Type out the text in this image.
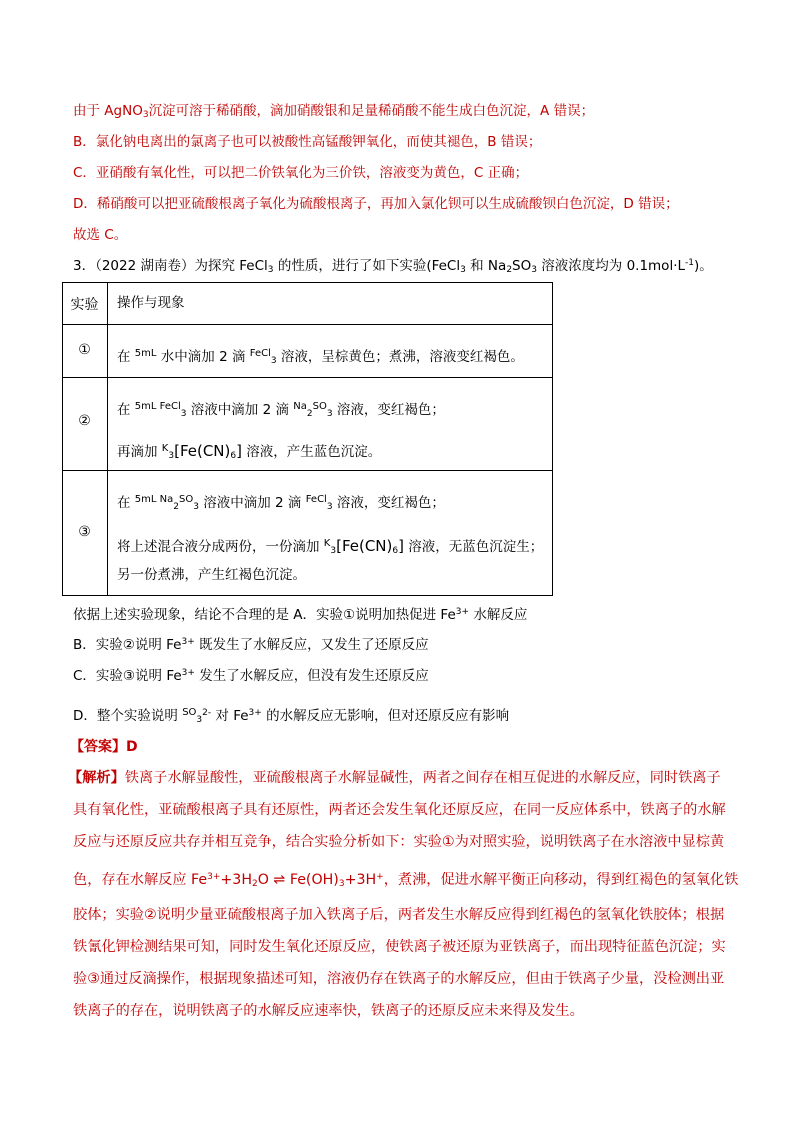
由于 AgNO$_3$沉淀可溶于稀硝酸，滴加硝酸银和足量稀硝酸不能生成白色沉淀，A 错误；
B．氯化钠电离出的氯离子也可以被酸性高锰酸钾氧化，而使其褪色，B 错误；
C．亚硝酸有氧化性，可以把二价铁氧化为三价铁，溶液变为黄色，C 正确；
D．稀硝酸可以把亚硫酸根离子氧化为硫酸根离子，再加入氯化钡可以生成硫酸钡白色沉淀，D 错误；
故选 C。
3．（2022 湖南卷）为探究 FeCl$_3$ 的性质，进行了如下实验(FeCl$_3$ 和 $Na_2SO_3$ 溶液浓度均为 $0.1mol\cdot L^{-1}$)。
实验	操作与现象
①	在 $^{5mL}$ 水中滴加 2 滴 $^{FeCl}_3$ 溶液，呈棕黄色；煮沸，溶液变红褐色。
②
在 $^{5mL FeCl}_3$ 溶液中滴加 2 滴 $^{Na}_2^{SO}_3$ 溶液，变红褐色；
再滴加 $^K_3[Fe(CN)_6]$ 溶液，产生蓝色沉淀。
③
在 $^{5mL Na}_2^{SO}_3$ 溶液中滴加 2 滴 $^{FeCl}_3$ 溶液，变红褐色；
将上述混合液分成两份，一份滴加 $^K_3[Fe(CN)_6]$ 溶液，无蓝色沉淀生；
另一份煮沸，产生红褐色沉淀。
依据上述实验现象，结论不合理的是 A．实验①说明加热促进 $Fe^{3+}$ 水解反应
B．实验②说明 $Fe^{3+}$ 既发生了水解反应，又发生了还原反应
C．实验③说明 $Fe^{3+}$ 发生了水解反应，但没有发生还原反应
D．整个实验说明 $^{SO}_3^{2-}$ 对 $Fe^{3+}$ 的水解反应无影响，但对还原反应有影响
【答案】D
【解析】铁离子水解显酸性，亚硫酸根离子水解显碱性，两者之间存在相互促进的水解反应，同时铁离子
具有氧化性，亚硫酸根离子具有还原性，两者还会发生氧化还原反应，在同一反应体系中，铁离子的水解
反应与还原反应共存并相互竞争，结合实验分析如下：实验①为对照实验，说明铁离子在水溶液中显棕黄
色，存在水解反应 $Fe^{3+}+3H_2O$ ⇌ $Fe(OH)_3+3H^+$，煮沸，促进水解平衡正向移动，得到红褐色的氢氧化铁
胶体；实验②说明少量亚硫酸根离子加入铁离子后，两者发生水解反应得到红褐色的氢氧化铁胶体；根据
铁氰化钾检测结果可知，同时发生氧化还原反应，使铁离子被还原为亚铁离子，而出现特征蓝色沉淀；实
验③通过反滴操作，根据现象描述可知，溶液仍存在铁离子的水解反应，但由于铁离子少量，没检测出亚
铁离子的存在，说明铁离子的水解反应速率快，铁离子的还原反应未来得及发生。
